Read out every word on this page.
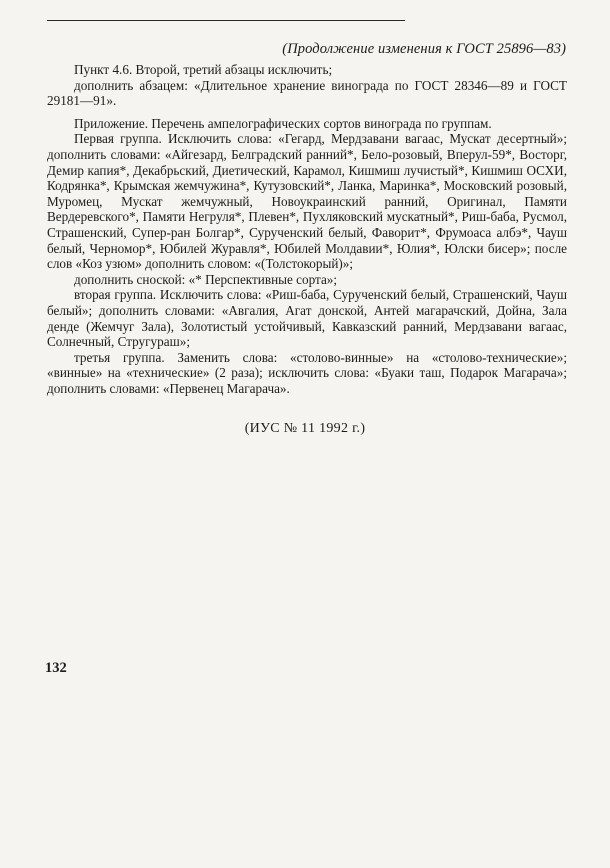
(Продолжение изменения к ГОСТ 25896—83)

Пункт 4.6. Второй, третий абзацы исключить;

дополнить абзацем: «Длительное хранение винограда по ГОСТ 28346—89 и ГОСТ 29181—91».

Приложение. Перечень ампелографических сортов винограда по группам.

Первая группа. Исключить слова: «Гегард, Мердзавани вагаас, Мускат десертный»; дополнить словами: «Айгезард, Белградский ранний*, Бело-розовый, Вперул-59*, Восторг, Демир капия*, Декабрьский, Диетический, Карамол, Кишмиш лучистый*, Кишмиш ОСХИ, Кодрянка*, Крымская жемчужина*, Кутузовский*, Ланка, Маринка*, Московский розовый, Муромец, Мускат жемчужный, Новоукраинский ранний, Оригинал, Памяти Вердеревского*, Памяти Негруля*, Плевен*, Пухляковский мускатный*, Риш-баба, Русмол, Страшенский, Супер-ран Болгар*, Сурученский белый, Фаворит*, Фрумоаса албэ*, Чауш белый, Черномор*, Юбилей Журавля*, Юбилей Молдавии*, Юлия*, Юлски бисер»; после слов «Коз узюм» дополнить словом: «(Толстокорый)»;

дополнить сноской: «* Перспективные сорта»;

вторая группа. Исключить слова: «Риш-баба, Сурученский белый, Страшенский, Чауш белый»; дополнить словами: «Авгалия, Агат донской, Антей магарачский, Дойна, Зала денде (Жемчуг Зала), Золотистый устойчивый, Кавказский ранний, Мердзавани вагаас, Солнечный, Стругураш»;

третья группа. Заменить слова: «столово-винные» на «столово-технические»; «винные» на «технические» (2 раза); исключить слова: «Буаки таш, Подарок Магарача»; дополнить словами: «Первенец Магарача».

(ИУС № 11 1992 г.)
132
